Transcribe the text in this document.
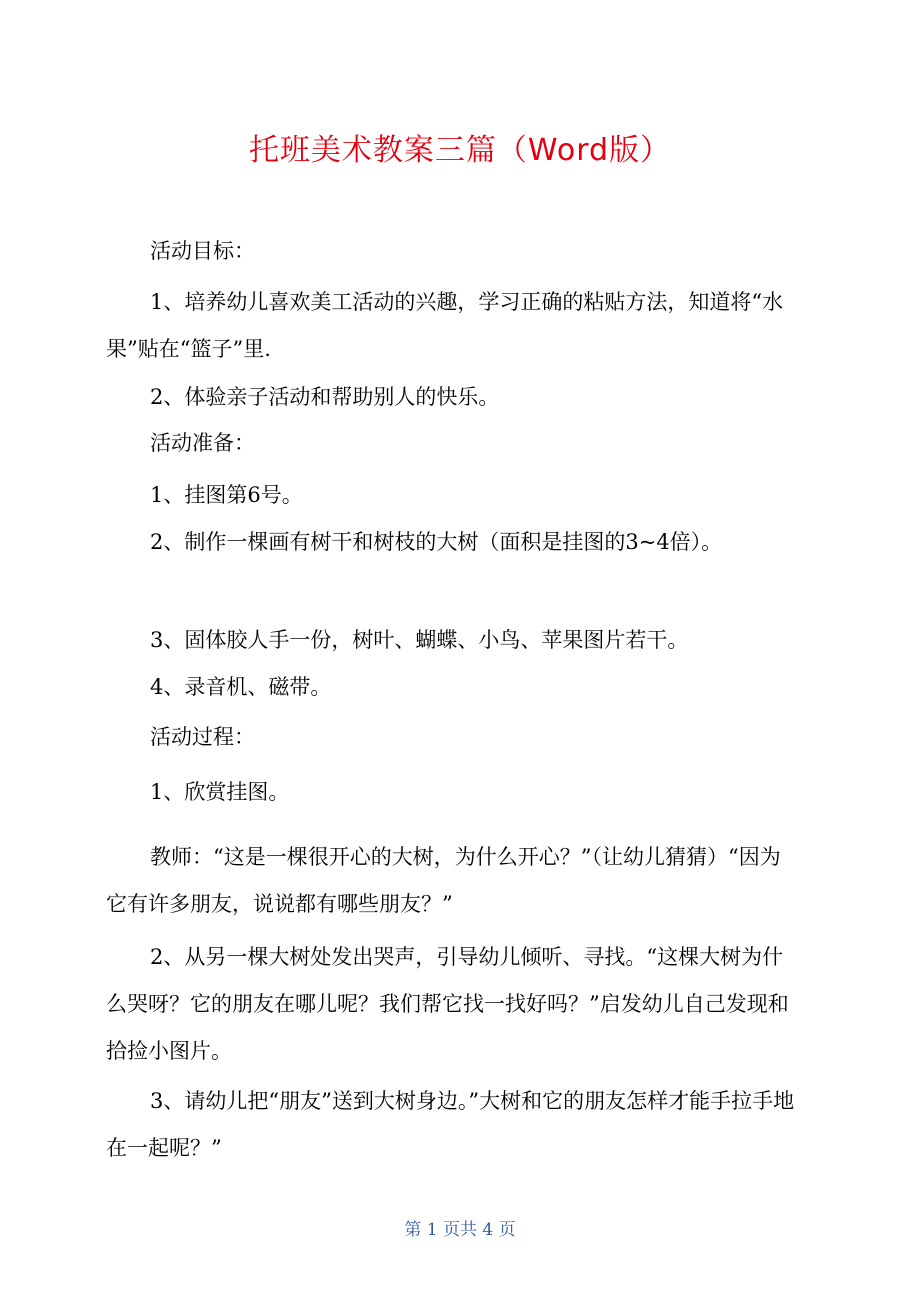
托班美术教案三篇（Word版）

活动目标：

1、培养幼儿喜欢美工活动的兴趣，学习正确的粘贴方法，知道将“水果”贴在“篮子”里.

2、体验亲子活动和帮助别人的快乐。

活动准备：

1、挂图第6号。

2、制作一棵画有树干和树枝的大树（面积是挂图的3~4倍）。

3、固体胶人手一份，树叶、蝴蝶、小鸟、苹果图片若干。

4、录音机、磁带。

活动过程：

1、欣赏挂图。

教师：“这是一棵很开心的大树，为什么开心？”（让幼儿猜猜）“因为它有许多朋友，说说都有哪些朋友？”

2、从另一棵大树处发出哭声，引导幼儿倾听、寻找。“这棵大树为什么哭呀？它的朋友在哪儿呢？我们帮它找一找好吗？”启发幼儿自己发现和拾捡小图片。

3、请幼儿把“朋友”送到大树身边。”大树和它的朋友怎样才能手拉手地在一起呢？”

第 1 页共 4 页
